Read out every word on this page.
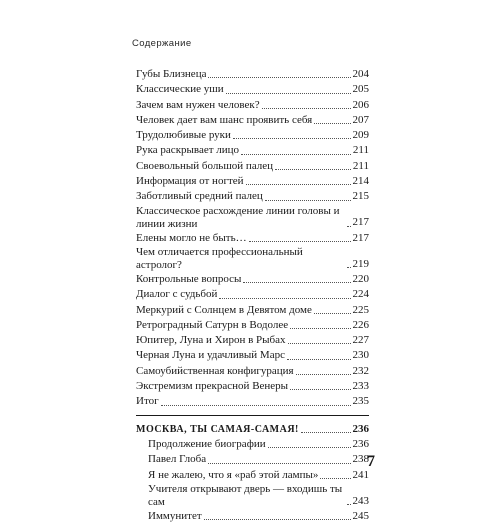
Содержание
Губы Близнеца	204
Классические уши	205
Зачем вам нужен человек?	206
Человек дает вам шанс проявить себя	207
Трудолюбивые руки	209
Рука раскрывает лицо	211
Своевольный большой палец	211
Информация от ногтей	214
Заботливый средний палец	215
Классическое расхождение линии головы и линии жизни	217
Елены могло не быть…	217
Чем отличается профессиональный астролог?	219
Контрольные вопросы	220
Диалог с судьбой	224
Меркурий с Солнцем в Девятом доме	225
Ретроградный Сатурн в Водолее	226
Юпитер, Луна и Хирон в Рыбах	227
Черная Луна и удачливый Марс	230
Самоубийственная конфигурация	232
Экстремизм прекрасной Венеры	233
Итог	235
МОСКВА, ТЫ САМАЯ-САМАЯ!	236
Продолжение биографии	236
Павел Глоба	238
Я не жалею, что я «раб этой лампы»	241
Учителя открывают дверь — входишь ты сам	243
Иммунитет	245
7
